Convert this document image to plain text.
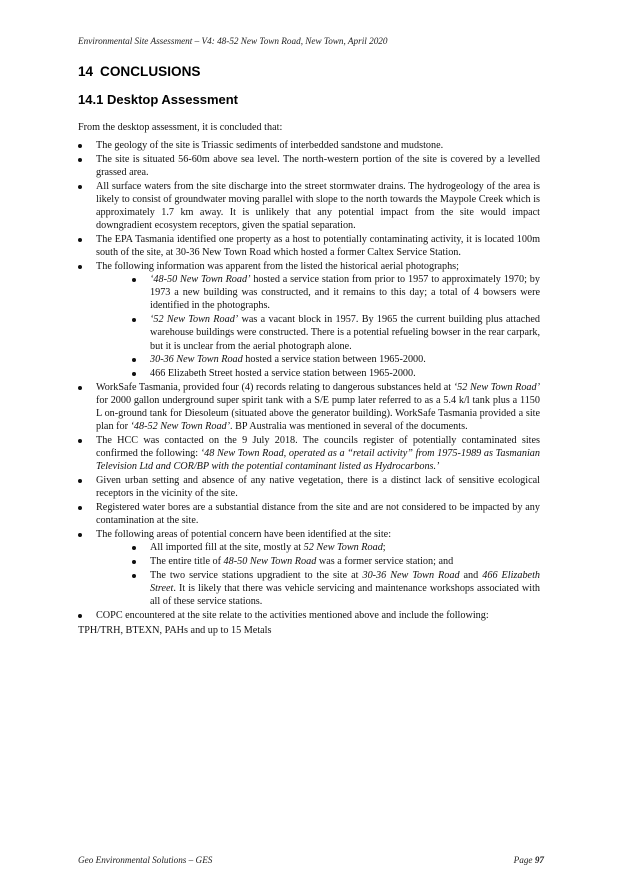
Environmental Site Assessment – V4: 48-52 New Town Road, New Town, April 2020
14 CONCLUSIONS
14.1 Desktop Assessment

From the desktop assessment, it is concluded that:

The geology of the site is Triassic sediments of interbedded sandstone and mudstone.
The site is situated 56-60m above sea level. The north-western portion of the site is covered by a levelled grassed area.
All surface waters from the site discharge into the street stormwater drains. The hydrogeology of the area is likely to consist of groundwater moving parallel with slope to the north towards the Maypole Creek which is approximately 1.7 km away. It is unlikely that any potential impact from the site would impact downgradient ecosystem receptors, given the spatial separation.
The EPA Tasmania identified one property as a host to potentially contaminating activity, it is located 100m south of the site, at 30-36 New Town Road which hosted a former Caltex Service Station.
The following information was apparent from the listed the historical aerial photographs;
‘48-50 New Town Road’ hosted a service station from prior to 1957 to approximately 1970; by 1973 a new building was constructed, and it remains to this day; a total of 4 bowsers were identified in the photographs.
‘52 New Town Road’ was a vacant block in 1957. By 1965 the current building plus attached warehouse buildings were constructed. There is a potential refueling bowser in the rear carpark, but it is unclear from the aerial photograph alone.
30-36 New Town Road hosted a service station between 1965-2000.
466 Elizabeth Street hosted a service station between 1965-2000.
WorkSafe Tasmania, provided four (4) records relating to dangerous substances held at ‘52 New Town Road’ for 2000 gallon underground super spirit tank with a S/E pump later referred to as a 5.4 k/l tank plus a 1150 L on-ground tank for Diesoleum (situated above the generator building). WorkSafe Tasmania provided a site plan for ‘48-52 New Town Road’. BP Australia was mentioned in several of the documents.
The HCC was contacted on the 9 July 2018. The councils register of potentially contaminated sites confirmed the following: ‘48 New Town Road, operated as a “retail activity” from 1975-1989 as Tasmanian Television Ltd and COR/BP with the potential contaminant listed as Hydrocarbons.’
Given urban setting and absence of any native vegetation, there is a distinct lack of sensitive ecological receptors in the vicinity of the site.
Registered water bores are a substantial distance from the site and are not considered to be impacted by any contamination at the site.
The following areas of potential concern have been identified at the site:
All imported fill at the site, mostly at 52 New Town Road;
The entire title of 48-50 New Town Road was a former service station; and
The two service stations upgradient to the site at 30-36 New Town Road and 466 Elizabeth Street. It is likely that there was vehicle servicing and maintenance workshops associated with all of these service stations.
COPC encountered at the site relate to the activities mentioned above and include the following:
TPH/TRH, BTEXN, PAHs and up to 15 Metals
Geo Environmental Solutions – GES	Page 97
